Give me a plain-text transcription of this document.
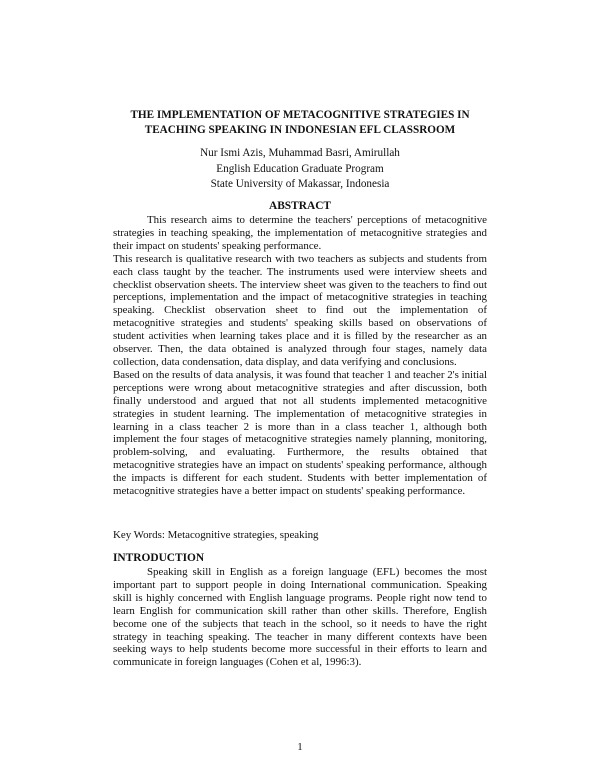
THE IMPLEMENTATION OF METACOGNITIVE STRATEGIES IN
TEACHING SPEAKING IN INDONESIAN EFL CLASSROOM
Nur Ismi Azis, Muhammad Basri, Amirullah
English Education Graduate Program
State University of Makassar, Indonesia
ABSTRACT

This research aims to determine the teachers' perceptions of metacognitive strategies in teaching speaking, the implementation of metacognitive strategies and their impact on students' speaking performance.

This research is qualitative research with two teachers as subjects and students from each class taught by the teacher. The instruments used were interview sheets and checklist observation sheets. The interview sheet was given to the teachers to find out perceptions, implementation and the impact of metacognitive strategies in teaching speaking. Checklist observation sheet to find out the implementation of metacognitive strategies and students' speaking skills based on observations of student activities when learning takes place and it is filled by the researcher as an observer. Then, the data obtained is analyzed through four stages, namely data collection, data condensation, data display, and data verifying and conclusions.

Based on the results of data analysis, it was found that teacher 1 and teacher 2's initial perceptions were wrong about metacognitive strategies and after discussion, both finally understood and argued that not all students implemented metacognitive strategies in student learning. The implementation of metacognitive strategies in learning in a class teacher 2 is more than in a class teacher 1, although both implement the four stages of metacognitive strategies namely planning, monitoring, problem-solving, and evaluating. Furthermore, the results obtained that metacognitive strategies have an impact on students' speaking performance, although the impacts is different for each student. Students with better implementation of metacognitive strategies have a better impact on students' speaking performance.

Key Words: Metacognitive strategies, speaking
INTRODUCTION

Speaking skill in English as a foreign language (EFL) becomes the most important part to support people in doing International communication. Speaking skill is highly concerned with English language programs. People right now tend to learn English for communication skill rather than other skills. Therefore, English become one of the subjects that teach in the school, so it needs to have the right strategy in teaching speaking. The teacher in many different contexts have been seeking ways to help students become more successful in their efforts to learn and communicate in foreign languages (Cohen et al, 1996:3).

1
